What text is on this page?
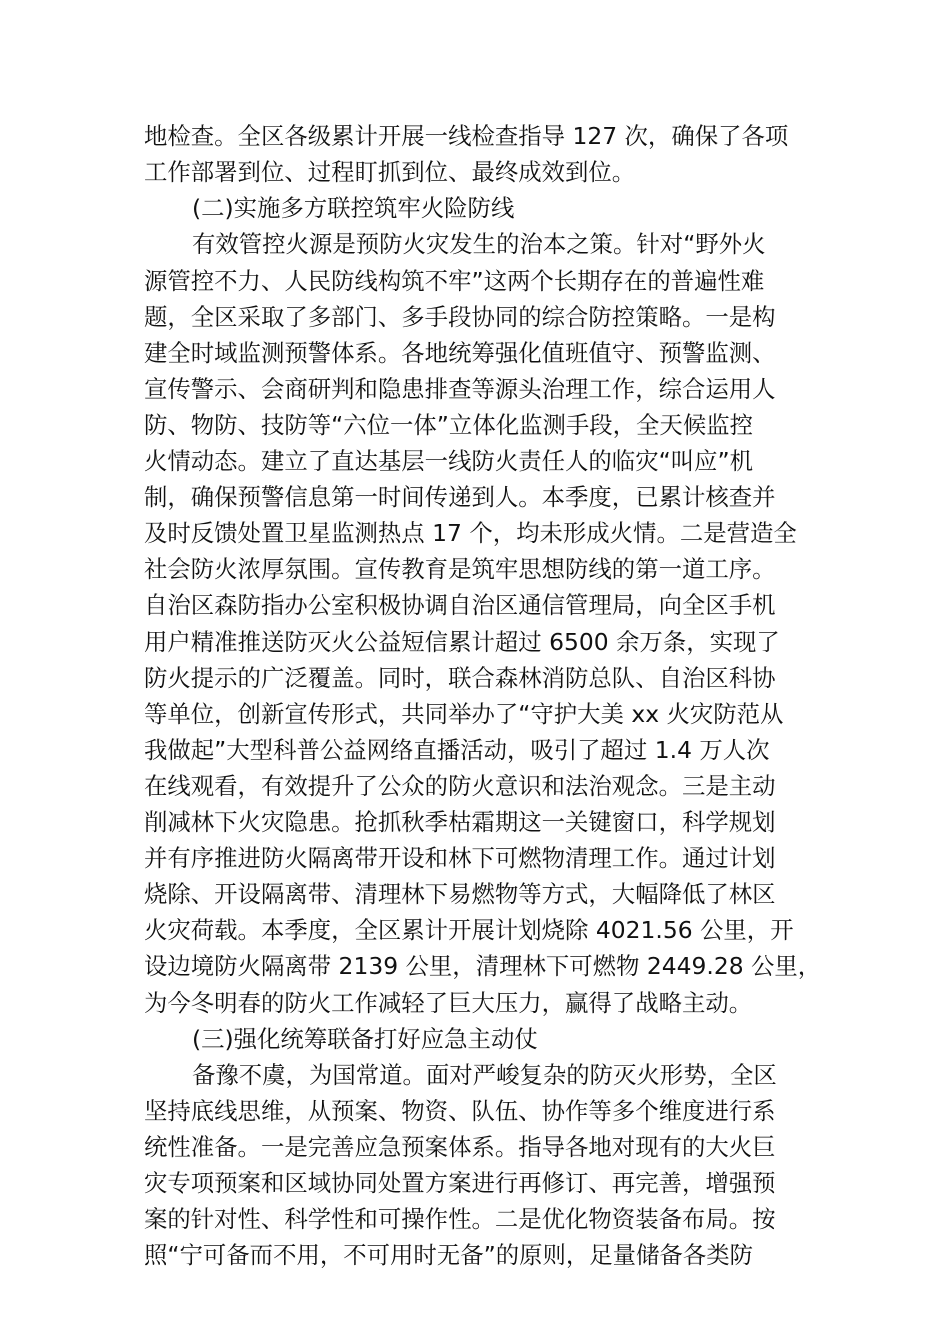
地检查。全区各级累计开展一线检查指导 127 次，确保了各项
工作部署到位、过程盯抓到位、最终成效到位。
(二)实施多方联控筑牢火险防线
有效管控火源是预防火灾发生的治本之策。针对“野外火
源管控不力、人民防线构筑不牢”这两个长期存在的普遍性难
题，全区采取了多部门、多手段协同的综合防控策略。一是构
建全时域监测预警体系。各地统筹强化值班值守、预警监测、
宣传警示、会商研判和隐患排查等源头治理工作，综合运用人
防、物防、技防等“六位一体”立体化监测手段，全天候监控
火情动态。建立了直达基层一线防火责任人的临灾“叫应”机
制，确保预警信息第一时间传递到人。本季度，已累计核查并
及时反馈处置卫星监测热点 17 个，均未形成火情。二是营造全
社会防火浓厚氛围。宣传教育是筑牢思想防线的第一道工序。
自治区森防指办公室积极协调自治区通信管理局，向全区手机
用户精准推送防灭火公益短信累计超过 6500 余万条，实现了
防火提示的广泛覆盖。同时，联合森林消防总队、自治区科协
等单位，创新宣传形式，共同举办了“守护大美 xx 火灾防范从
我做起”大型科普公益网络直播活动，吸引了超过 1.4 万人次
在线观看，有效提升了公众的防火意识和法治观念。三是主动
削减林下火灾隐患。抢抓秋季枯霜期这一关键窗口，科学规划
并有序推进防火隔离带开设和林下可燃物清理工作。通过计划
烧除、开设隔离带、清理林下易燃物等方式，大幅降低了林区
火灾荷载。本季度，全区累计开展计划烧除 4021.56 公里，开
设边境防火隔离带 2139 公里，清理林下可燃物 2449.28 公里，
为今冬明春的防火工作减轻了巨大压力，赢得了战略主动。
(三)强化统筹联备打好应急主动仗
备豫不虞，为国常道。面对严峻复杂的防灭火形势，全区
坚持底线思维，从预案、物资、队伍、协作等多个维度进行系
统性准备。一是完善应急预案体系。指导各地对现有的大火巨
灾专项预案和区域协同处置方案进行再修订、再完善，增强预
案的针对性、科学性和可操作性。二是优化物资装备布局。按
照“宁可备而不用，不可用时无备”的原则，足量储备各类防
